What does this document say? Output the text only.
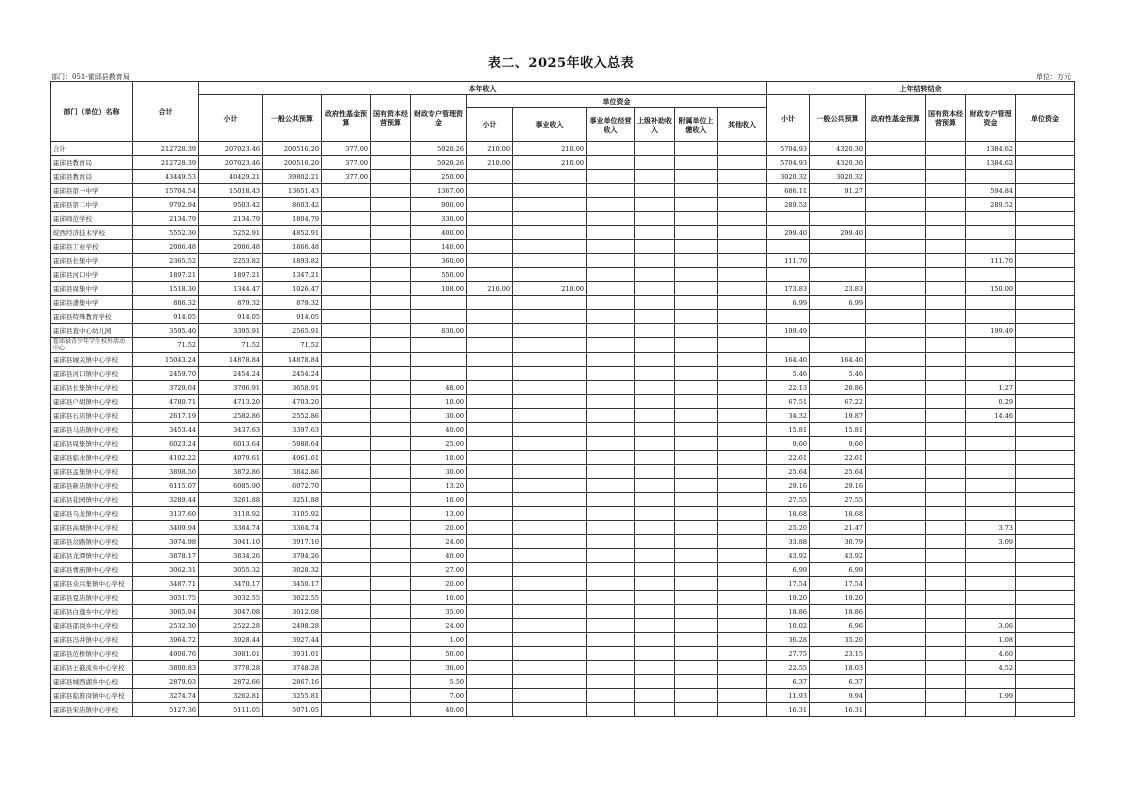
表二、2025年收入总表
部门：051-霍邱县教育局	单位：万元
部门（单位）名称	合计	本年收入											上年结转结余					
		小计	一般公共预算	政府性基金预算	国有资本经营预算	财政专户管理资金	单位资金						小计	一般公共预算	政府性基金预算	国有资本经营预算	财政专户管理资金	单位资金
							小计	事业收入	事业单位经营收入	上级补助收入	附属单位上缴收入	其他收入						
合计	212728.39	207023.46	200516.20	377.00		5920.26	210.00	210.00					5704.93	4320.30			1384.62	
霍邱县教育局	212728.39	207023.46	200516.20	377.00		5920.26	210.00	210.00					5704.93	4320.30			1384.62	
霍邱县教育局	43449.53	40429.21	39802.21	377.00		250.00							3020.32	3020.32				
霍邱县第一中学	15704.54	15018.43	13651.43			1367.00							686.11	91.27			594.84	
霍邱县第二中学	9792.94	9503.42	8603.42			900.00							289.52				289.52	
霍邱师范学校	2134.79	2134.79	1804.79			330.00												
皖西经济技术学校	5552.30	5252.91	4852.91			400.00							299.40	299.40				
霍邱县工业学校	2006.48	2006.48	1866.48			140.00												
霍邱县长集中学	2365.52	2253.82	1893.82			360.00							111.70				111.70	
霍邱县河口中学	1897.21	1897.21	1347.21			550.00												
霍邱县周集中学	1518.30	1344.47	1026.47			108.00	210.00	210.00					173.83	23.83			150.00	
霍邱县潘集中学	886.32	879.32	879.32										6.99	6.99				
霍邱县特殊教育学校	914.05	914.05	914.05															
霍邱县直中心幼儿园	3595.40	3395.91	2565.91			830.00							199.49				199.49	
霍邱县青少年学生校外活动中心	71.52	71.52	71.52															
霍邱县城关镇中心学校	15043.24	14878.84	14878.84										164.40	164.40				
霍邱县河口镇中心学校	2459.70	2454.24	2454.24										5.46	5.46				
霍邱县长集镇中心学校	3729.04	3706.91	3658.91			48.00							22.13	20.86			1.27	
霍邱县户胡镇中心学校	4780.71	4713.20	4703.20			10.00							67.51	67.22			0.29	
霍邱县石店镇中心学校	2617.19	2582.86	2552.86			30.00							34.32	19.87			14.46	
霍邱县马店镇中心学校	3453.44	3437.63	3397.63			40.00							15.81	15.81				
霍邱县周集镇中心学校	6023.24	6013.64	5988.64			25.00							9.60	9.60				
霍邱县临水镇中心学校	4102.22	4079.61	4061.61			18.00							22.61	22.61				
霍邱县孟集镇中心学校	3898.50	3872.86	3842.86			30.00							25.64	25.64				
霍邱县新店镇中心学校	6115.07	6085.90	6072.70			13.20							29.16	29.16				
霍邱县花园镇中心学校	3289.44	3261.88	3251.88			10.00							27.55	27.55				
霍邱县乌龙镇中心学校	3137.60	3118.92	3105.92			13.00							18.68	18.68				
霍邱县高塘镇中心学校	3409.94	3384.74	3364.74			20.00							25.20	21.47			3.73	
霍邱县岔路镇中心学校	3974.98	3941.10	3917.10			24.00							33.88	30.79			3.09	
霍邱县龙潭镇中心学校	3878.17	3834.26	3794.26			40.00							43.92	43.92				
霍邱县曹庙镇中心学校	3062.31	3055.32	3028.32			27.00							6.99	6.99				
霍邱县众兴集镇中心学校	3487.71	3470.17	3450.17			20.00							17.54	17.54				
霍邱县夏店镇中心学校	3051.75	3032.55	3022.55			10.00							19.20	19.20				
霍邱县白莲乡中心学校	3065.94	3047.08	3012.08			35.00							18.86	18.86				
霍邱县邵岗乡中心学校	2532.30	2522.28	2498.28			24.00							10.02	6.96			3.06	
霍邱县冯井镇中心学校	3964.72	3928.44	3927.44			1.00							36.28	35.20			1.08	
霍邱县范桥镇中心学校	4008.76	3981.01	3931.01			50.00							27.75	23.15			4.60	
霍邱县王截流乡中心学校	3800.83	3778.28	3748.28			30.00							22.55	18.03			4.52	
霍邱县城西湖乡中心校	2879.03	2872.66	2867.16			5.50							6.37	6.37				
霍邱县临淮岗镇中心学校	3274.74	3262.81	3255.81			7.00							11.93	9.94			1.99	
霍邱县宋店镇中心学校	5127.36	5111.05	5071.05			40.00							16.31	16.31				
